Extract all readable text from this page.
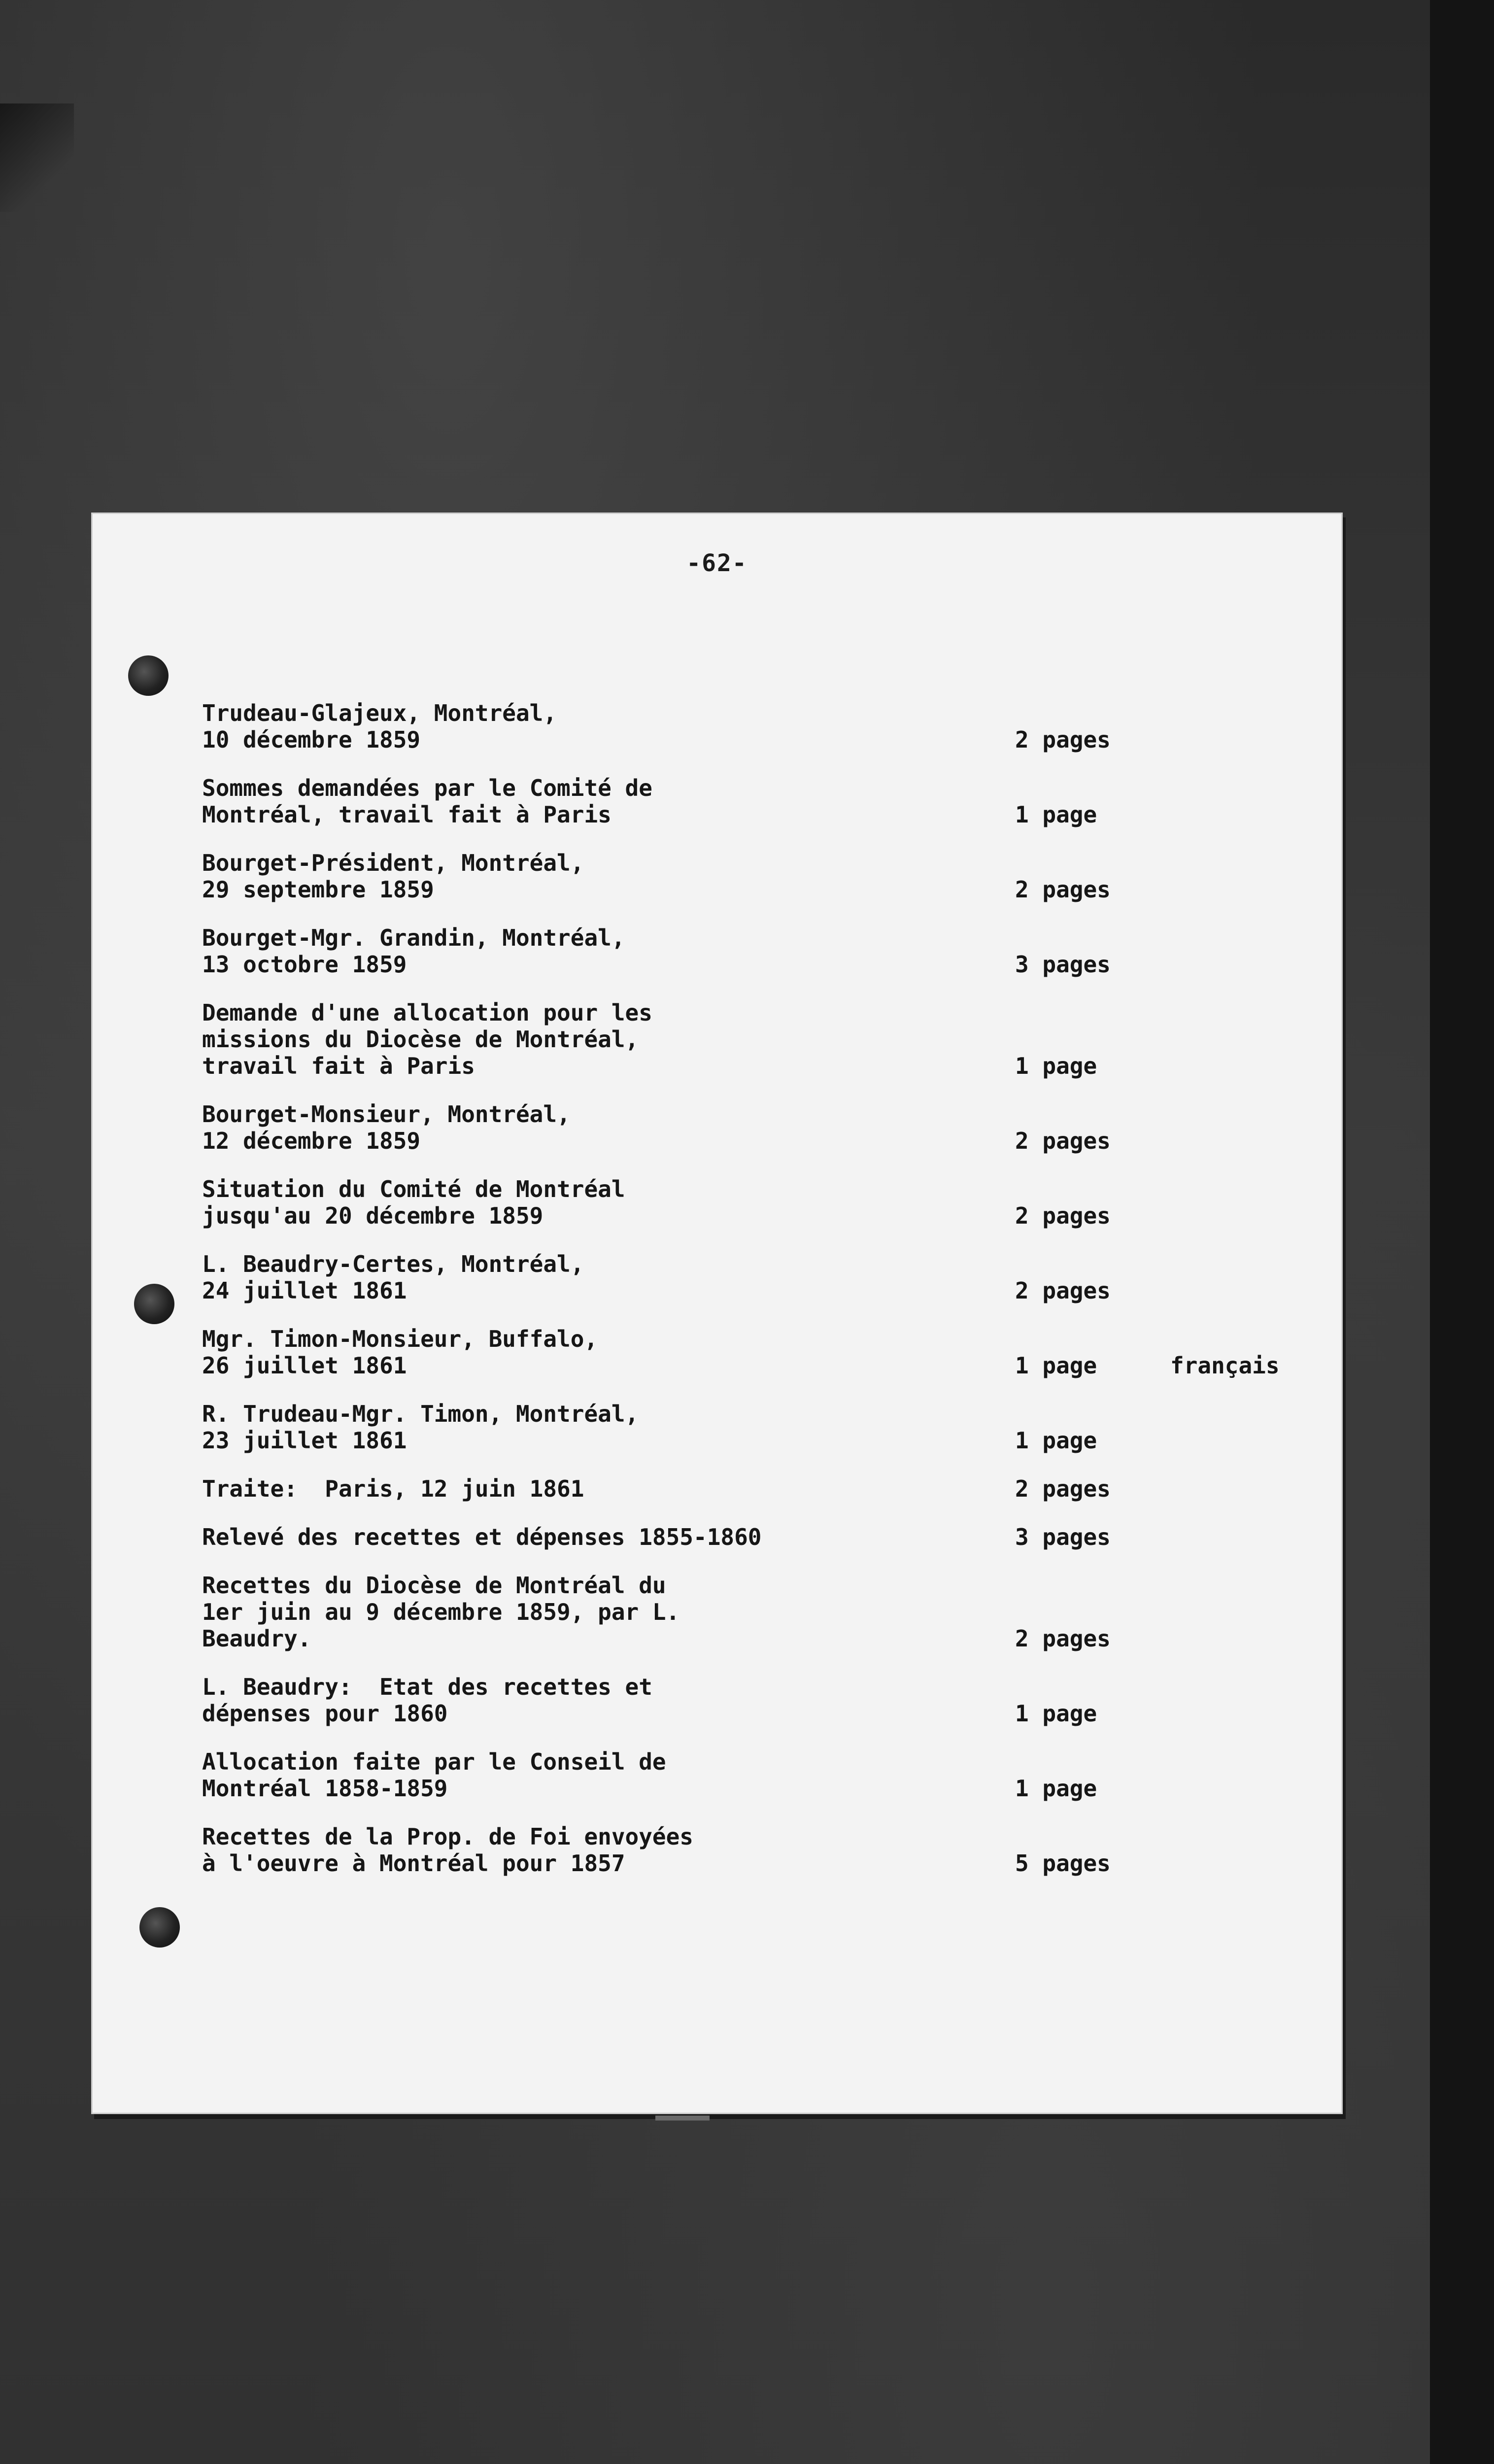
-62-
Trudeau-Glajeux, Montréal,
10 décembre 1859	2 pages
Sommes demandées par le Comité de
Montréal, travail fait à Paris	1 page
Bourget-Président, Montréal,
29 septembre 1859	2 pages
Bourget-Mgr. Grandin, Montréal,
13 octobre 1859	3 pages
Demande d'une allocation pour les
missions du Diocèse de Montréal,
travail fait à Paris	1 page
Bourget-Monsieur, Montréal,
12 décembre 1859	2 pages
Situation du Comité de Montréal
jusqu'au 20 décembre 1859	2 pages
L. Beaudry-Certes, Montréal,
24 juillet 1861	2 pages
Mgr. Timon-Monsieur, Buffalo,
26 juillet 1861	1 page	français
R. Trudeau-Mgr. Timon, Montréal,
23 juillet 1861	1 page
Traite:  Paris, 12 juin 1861	2 pages
Relevé des recettes et dépenses 1855-1860	3 pages
Recettes du Diocèse de Montréal du
1er juin au 9 décembre 1859, par L.
Beaudry.	2 pages
L. Beaudry:  Etat des recettes et
dépenses pour 1860	1 page
Allocation faite par le Conseil de
Montréal 1858-1859	1 page
Recettes de la Prop. de Foi envoyées
à l'oeuvre à Montréal pour 1857	5 pages
